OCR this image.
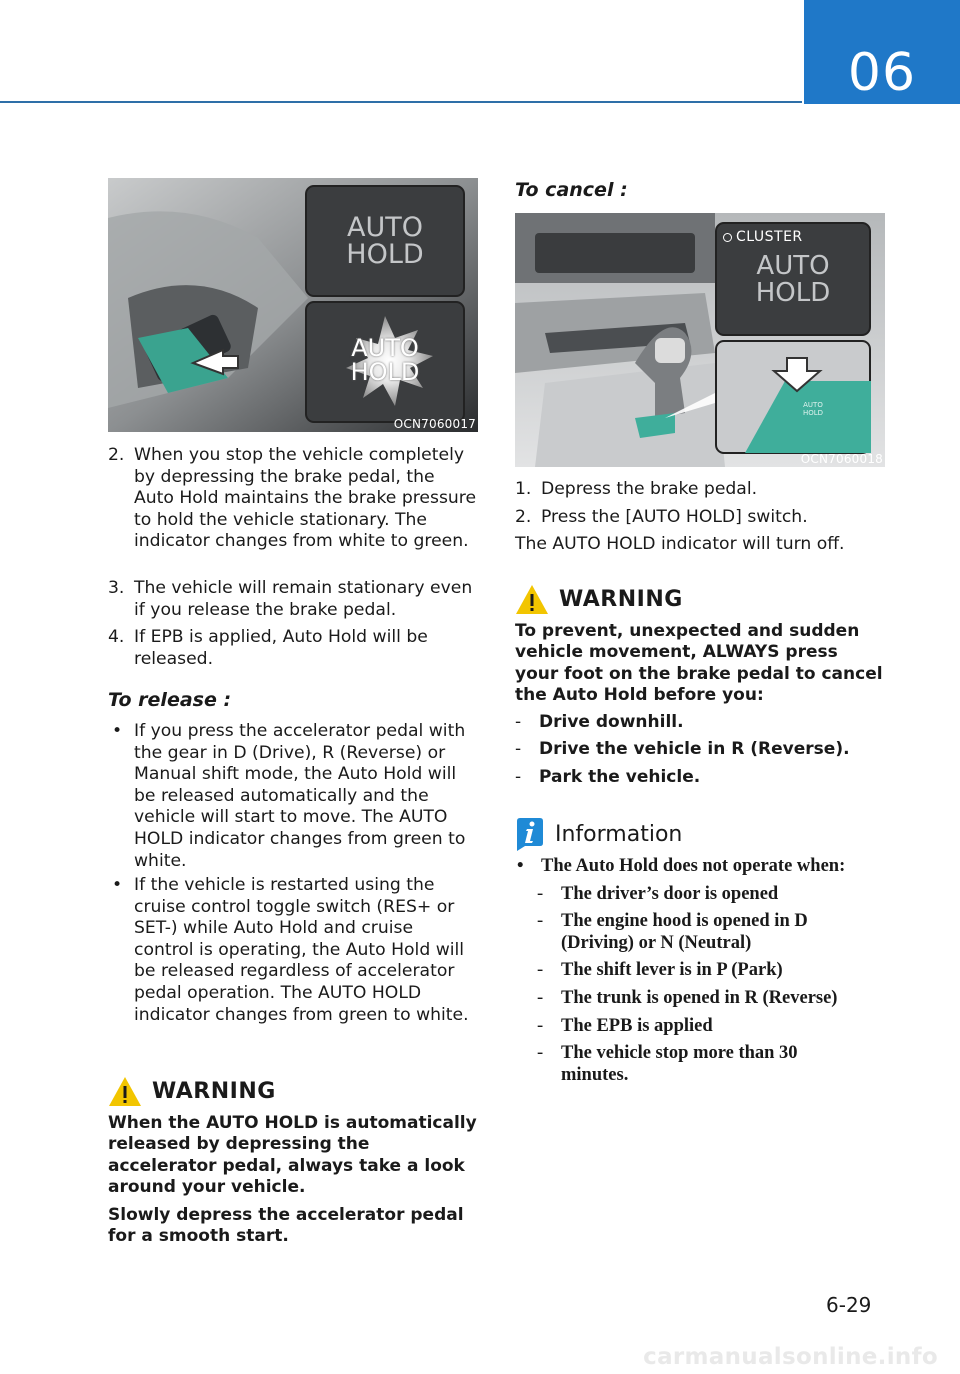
06
AUTO
HOLD
AUTO
HOLD
OCN7060017
2. When you stop the vehicle completely by depressing the brake pedal, the Auto Hold maintains the brake pressure to hold the vehicle stationary. The indicator changes from white to green.
3. The vehicle will remain stationary even if you release the brake pedal.
4. If EPB is applied, Auto Hold will be released.
To release :
• If you press the accelerator pedal with the gear in D (Drive), R (Reverse) or Manual shift mode, the Auto Hold will be released automatically and the vehicle will start to move. The AUTO HOLD indicator changes from green to white.
• If the vehicle is restarted using the cruise control toggle switch (RES+ or SET-) while Auto Hold and cruise control is operating, the Auto Hold will be released regardless of accelerator pedal operation. The AUTO HOLD indicator changes from green to white.
WARNING
When the AUTO HOLD is automatically released by depressing the accelerator pedal, always take a look around your vehicle.
Slowly depress the accelerator pedal for a smooth start.
To cancel :
CLUSTER
AUTO
HOLD
AUTO
HOLD
OCN7060018
1. Depress the brake pedal.
2. Press the [AUTO HOLD] switch.
The AUTO HOLD indicator will turn off.
WARNING
To prevent, unexpected and sudden vehicle movement, ALWAYS press your foot on the brake pedal to cancel the Auto Hold before you:
- Drive downhill.
- Drive the vehicle in R (Reverse).
- Park the vehicle.
Information
• The Auto Hold does not operate when:
- The driver’s door is opened
- The engine hood is opened in D (Driving) or N (Neutral)
- The shift lever is in P (Park)
- The trunk is opened in R (Reverse)
- The EPB is applied
- The vehicle stop more than 30 minutes.
6-29
carmanualsonline.info
